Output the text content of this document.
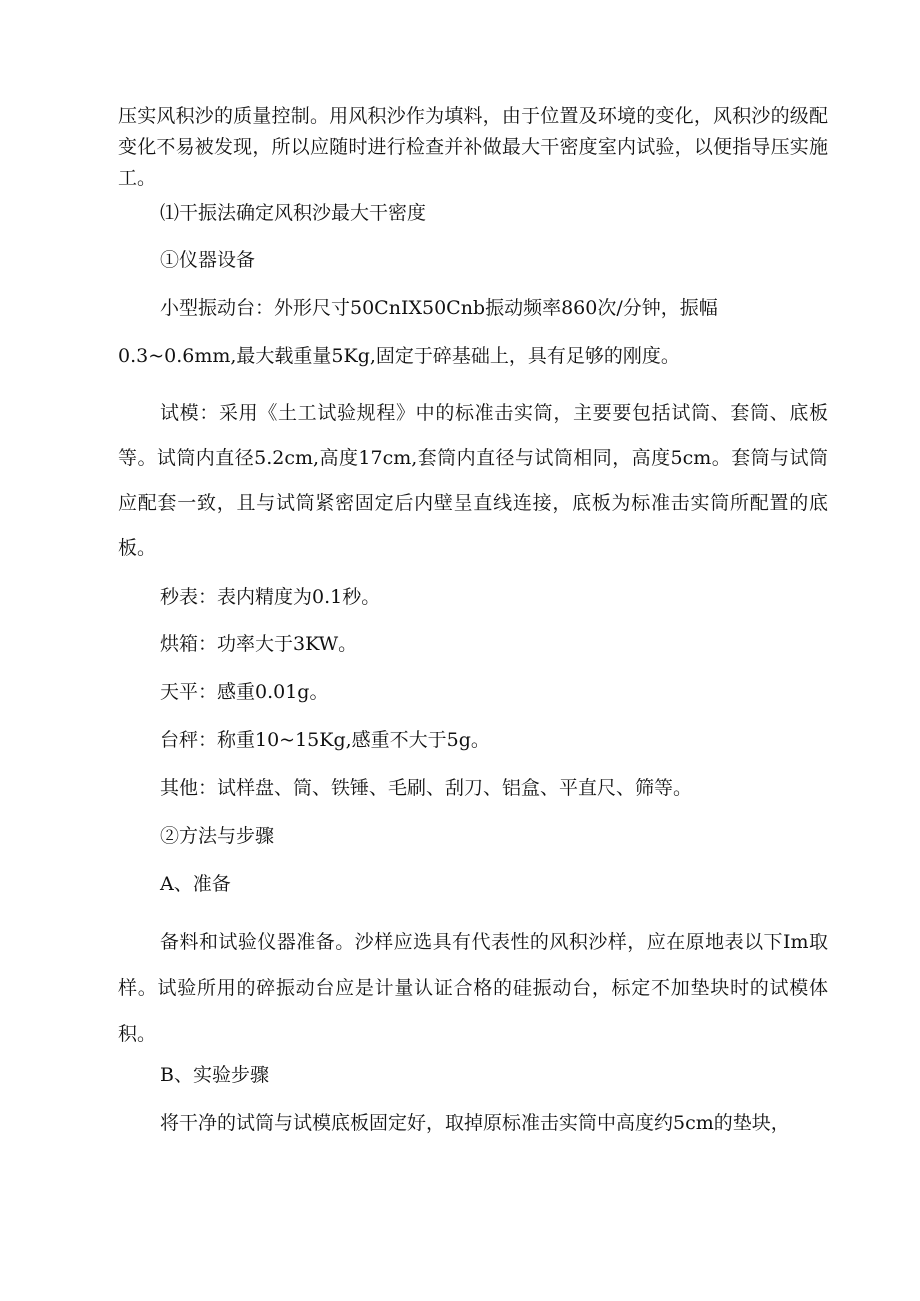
压实风积沙的质量控制。用风积沙作为填料，由于位置及环境的变化，风积沙的级配变化不易被发现，所以应随时进行检查并补做最大干密度室内试验，以便指导压实施工。

⑴干振法确定风积沙最大干密度

①仪器设备

小型振动台：外形尺寸50CnIX50Cnb振动频率860次/分钟，振幅

0.3~0.6mm,最大载重量5Kg,固定于碎基础上，具有足够的刚度。

试模：采用《土工试验规程》中的标准击实筒，主要要包括试筒、套筒、底板等。试筒内直径5.2cm,高度17cm,套筒内直径与试筒相同，高度5cm。套筒与试筒应配套一致，且与试筒紧密固定后内壁呈直线连接，底板为标准击实筒所配置的底板。

秒表：表内精度为0.1秒。

烘箱：功率大于3KW。

天平：感重0.01g。

台秤：称重10~15Kg,感重不大于5g。

其他：试样盘、筒、铁锤、毛刷、刮刀、铝盒、平直尺、筛等。

②方法与步骤

A、准备

备料和试验仪器准备。沙样应选具有代表性的风积沙样，应在原地表以下Im取样。试验所用的碎振动台应是计量认证合格的硅振动台，标定不加垫块时的试模体积。

B、实验步骤

将干净的试筒与试模底板固定好，取掉原标准击实筒中高度约5cm的垫块，
